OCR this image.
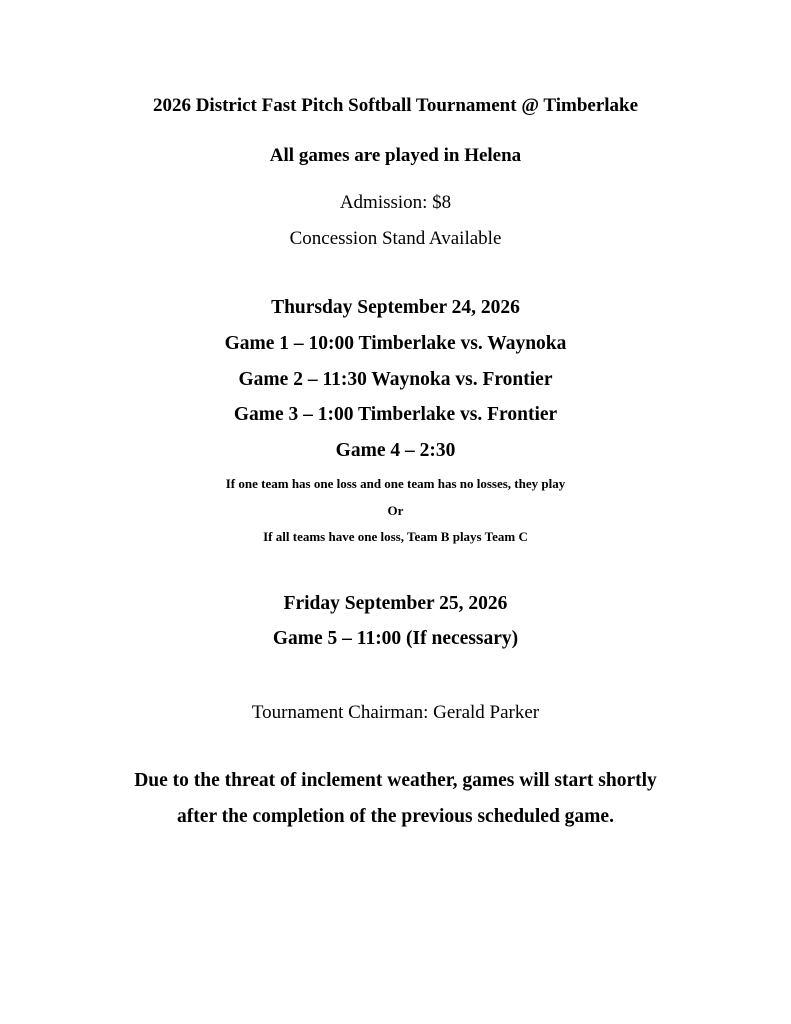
2026 District Fast Pitch Softball Tournament @ Timberlake
All games are played in Helena
Admission: $8
Concession Stand Available
Thursday September 24, 2026
Game 1 – 10:00 Timberlake vs. Waynoka
Game 2 – 11:30 Waynoka vs. Frontier
Game 3 – 1:00 Timberlake vs. Frontier
Game 4 – 2:30
If one team has one loss and one team has no losses, they play
Or
If all teams have one loss, Team B plays Team C
Friday September 25, 2026
Game 5 – 11:00 (If necessary)
Tournament Chairman: Gerald Parker
Due to the threat of inclement weather, games will start shortly
after the completion of the previous scheduled game.
